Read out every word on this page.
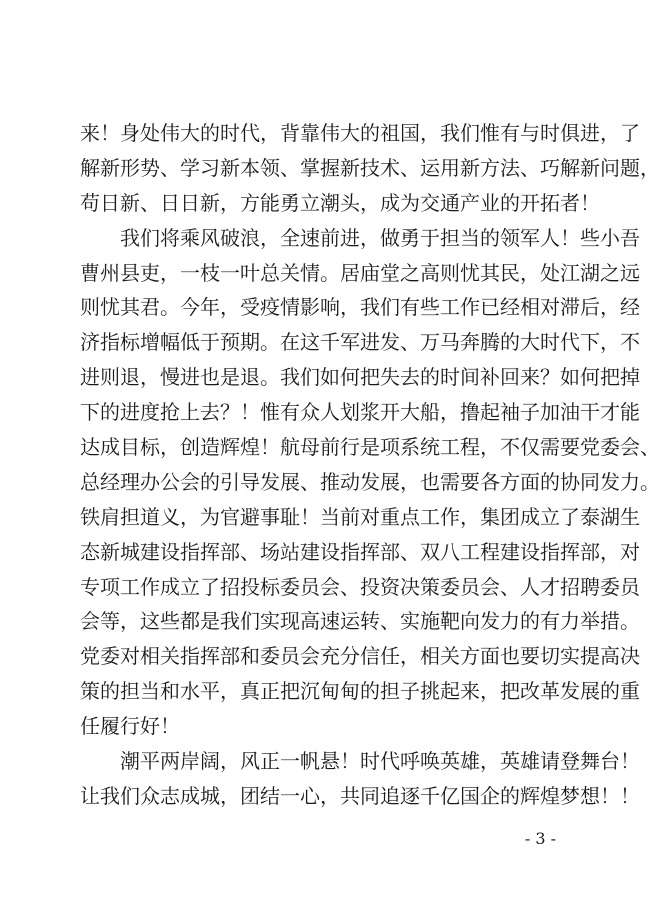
来！身处伟大的时代，背靠伟大的祖国，我们惟有与时俱进，了
解新形势、学习新本领、掌握新技术、运用新方法、巧解新问题，
苟日新、日日新，方能勇立潮头，成为交通产业的开拓者！
我们将乘风破浪，全速前进，做勇于担当的领军人！些小吾
曹州县吏，一枝一叶总关情。居庙堂之高则忧其民，处江湖之远
则忧其君。今年，受疫情影响，我们有些工作已经相对滞后，经
济指标增幅低于预期。在这千军进发、万马奔腾的大时代下，不
进则退，慢进也是退。我们如何把失去的时间补回来？如何把掉
下的进度抢上去？！惟有众人划浆开大船，撸起袖子加油干才能
达成目标，创造辉煌！航母前行是项系统工程，不仅需要党委会、
总经理办公会的引导发展、推动发展，也需要各方面的协同发力。
铁肩担道义，为官避事耻！当前对重点工作，集团成立了泰湖生
态新城建设指挥部、场站建设指挥部、双八工程建设指挥部，对
专项工作成立了招投标委员会、投资决策委员会、人才招聘委员
会等，这些都是我们实现高速运转、实施靶向发力的有力举措。
党委对相关指挥部和委员会充分信任，相关方面也要切实提高决
策的担当和水平，真正把沉甸甸的担子挑起来，把改革发展的重
任履行好！
潮平两岸阔，风正一帆悬！时代呼唤英雄，英雄请登舞台！
让我们众志成城，团结一心，共同追逐千亿国企的辉煌梦想！！
- 3 -
